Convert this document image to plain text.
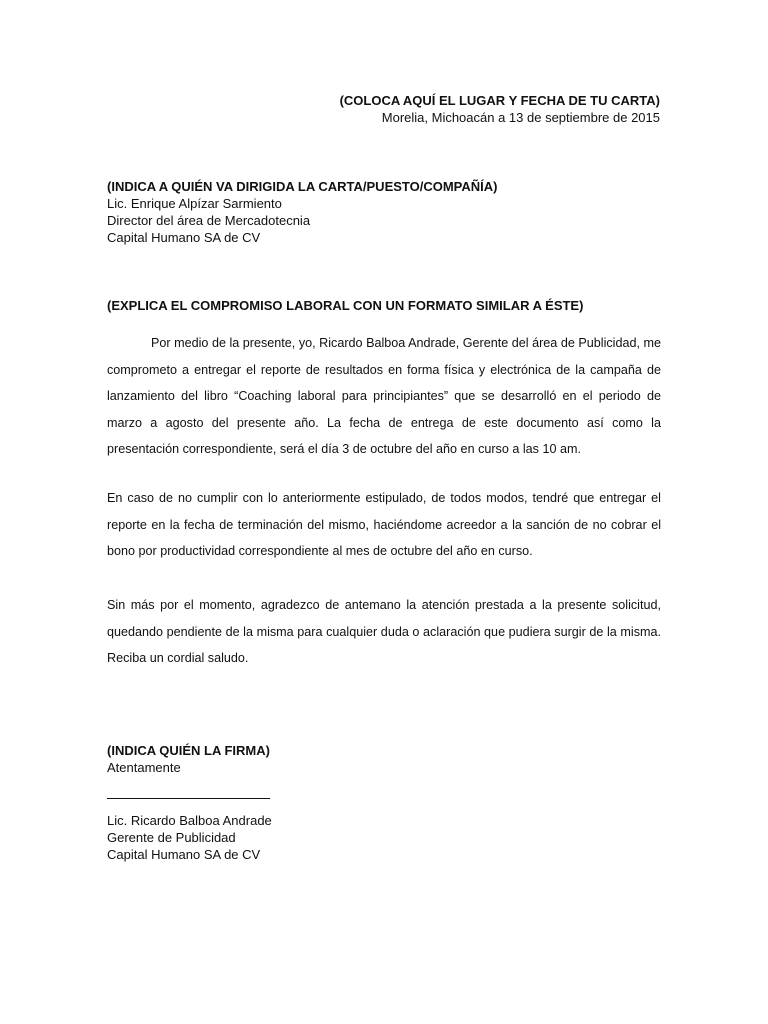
(COLOCA AQUÍ EL LUGAR Y FECHA DE TU CARTA)
Morelia, Michoacán a 13 de septiembre de 2015
(INDICA A QUIÉN VA DIRIGIDA LA CARTA/PUESTO/COMPAÑÍA)
Lic. Enrique Alpízar Sarmiento
Director del área de Mercadotecnia
Capital Humano SA de CV
(EXPLICA EL COMPROMISO LABORAL CON UN FORMATO SIMILAR A ÉSTE)

Por medio de la presente, yo, Ricardo Balboa Andrade, Gerente del área de Publicidad, me comprometo a entregar el reporte de resultados en forma física y electrónica de la campaña de lanzamiento del libro “Coaching laboral para principiantes” que se desarrolló en el periodo de marzo a agosto del presente año. La fecha de entrega de este documento así como la presentación correspondiente, será el día 3 de octubre del año en curso a las 10 am.

En caso de no cumplir con lo anteriormente estipulado, de todos modos, tendré que entregar el reporte en la fecha de terminación del mismo, haciéndome acreedor a la sanción de no cobrar el bono por productividad correspondiente al mes de octubre del año en curso.

Sin más por el momento, agradezco de antemano la atención prestada a la presente solicitud, quedando pendiente de la misma para cualquier duda o aclaración que pudiera surgir de la misma. Reciba un cordial saludo.

(INDICA QUIÉN LA FIRMA)
Atentamente
Lic. Ricardo Balboa Andrade
Gerente de Publicidad
Capital Humano SA de CV
